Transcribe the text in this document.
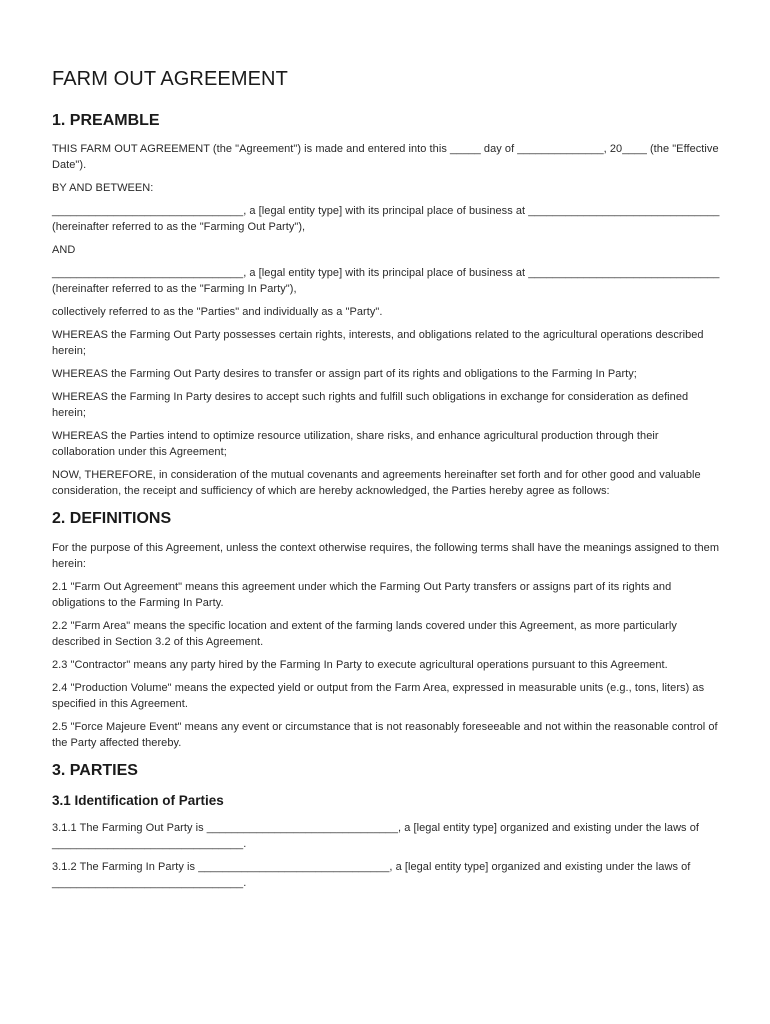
FARM OUT AGREEMENT
1. PREAMBLE

THIS FARM OUT AGREEMENT (the "Agreement") is made and entered into this _____ day of ______________, 20____ (the "Effective Date").

BY AND BETWEEN:

_______________________________, a [legal entity type] with its principal place of business at _______________________________ (hereinafter referred to as the "Farming Out Party"),

AND

_______________________________, a [legal entity type] with its principal place of business at _______________________________ (hereinafter referred to as the "Farming In Party"),

collectively referred to as the "Parties" and individually as a "Party".

WHEREAS the Farming Out Party possesses certain rights, interests, and obligations related to the agricultural operations described herein;

WHEREAS the Farming Out Party desires to transfer or assign part of its rights and obligations to the Farming In Party;

WHEREAS the Farming In Party desires to accept such rights and fulfill such obligations in exchange for consideration as defined herein;

WHEREAS the Parties intend to optimize resource utilization, share risks, and enhance agricultural production through their collaboration under this Agreement;

NOW, THEREFORE, in consideration of the mutual covenants and agreements hereinafter set forth and for other good and valuable consideration, the receipt and sufficiency of which are hereby acknowledged, the Parties hereby agree as follows:

2. DEFINITIONS

For the purpose of this Agreement, unless the context otherwise requires, the following terms shall have the meanings assigned to them herein:

2.1 "Farm Out Agreement" means this agreement under which the Farming Out Party transfers or assigns part of its rights and obligations to the Farming In Party.

2.2 "Farm Area" means the specific location and extent of the farming lands covered under this Agreement, as more particularly described in Section 3.2 of this Agreement.

2.3 "Contractor" means any party hired by the Farming In Party to execute agricultural operations pursuant to this Agreement.

2.4 "Production Volume" means the expected yield or output from the Farm Area, expressed in measurable units (e.g., tons, liters) as specified in this Agreement.

2.5 "Force Majeure Event" means any event or circumstance that is not reasonably foreseeable and not within the reasonable control of the Party affected thereby.

3. PARTIES
3.1 Identification of Parties

3.1.1 The Farming Out Party is _______________________________, a [legal entity type] organized and existing under the laws of _______________________________.

3.1.2 The Farming In Party is _______________________________, a [legal entity type] organized and existing under the laws of _______________________________.
